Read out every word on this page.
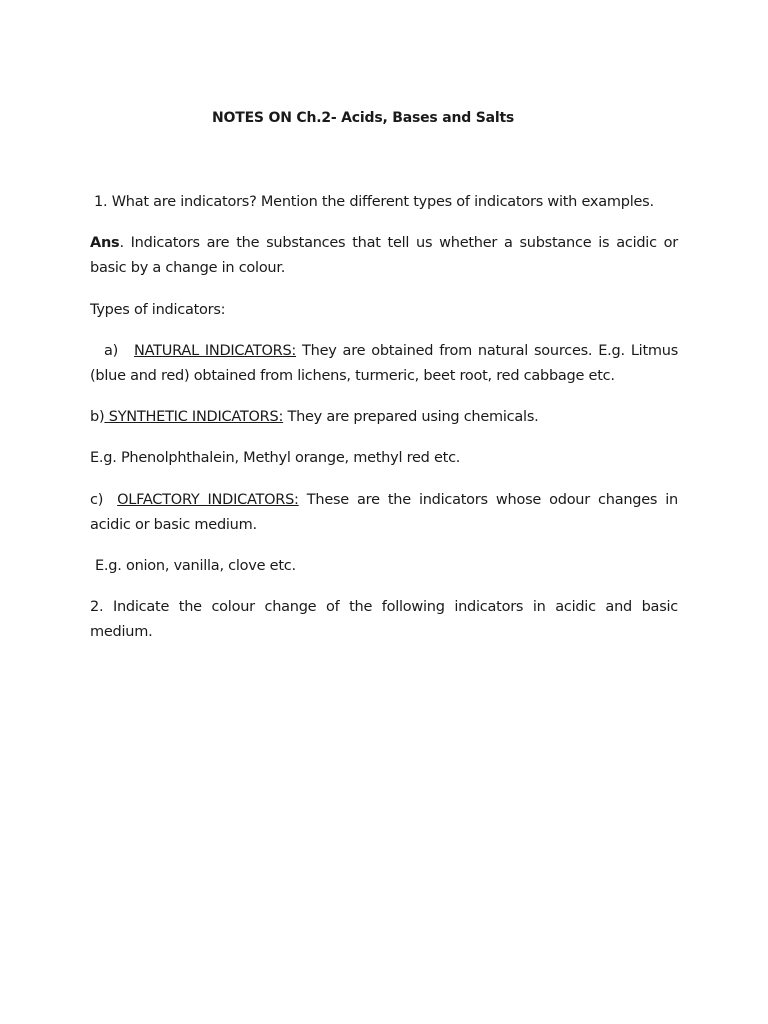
NOTES ON Ch.2- Acids, Bases and Salts
1. What are indicators? Mention the different types of indicators with examples.
Ans. Indicators are the substances that tell us whether a substance is acidic or basic by a change in colour.
Types of indicators:
a) NATURAL INDICATORS: They are obtained from natural sources. E.g. Litmus (blue and red) obtained from lichens, turmeric, beet root, red cabbage etc.
b) SYNTHETIC INDICATORS: They are prepared using chemicals.
E.g. Phenolphthalein, Methyl orange, methyl red etc.
c) OLFACTORY INDICATORS: These are the indicators whose odour changes in acidic or basic medium.
E.g. onion, vanilla, clove etc.
2. Indicate the colour change of the following indicators in acidic and basic medium.
